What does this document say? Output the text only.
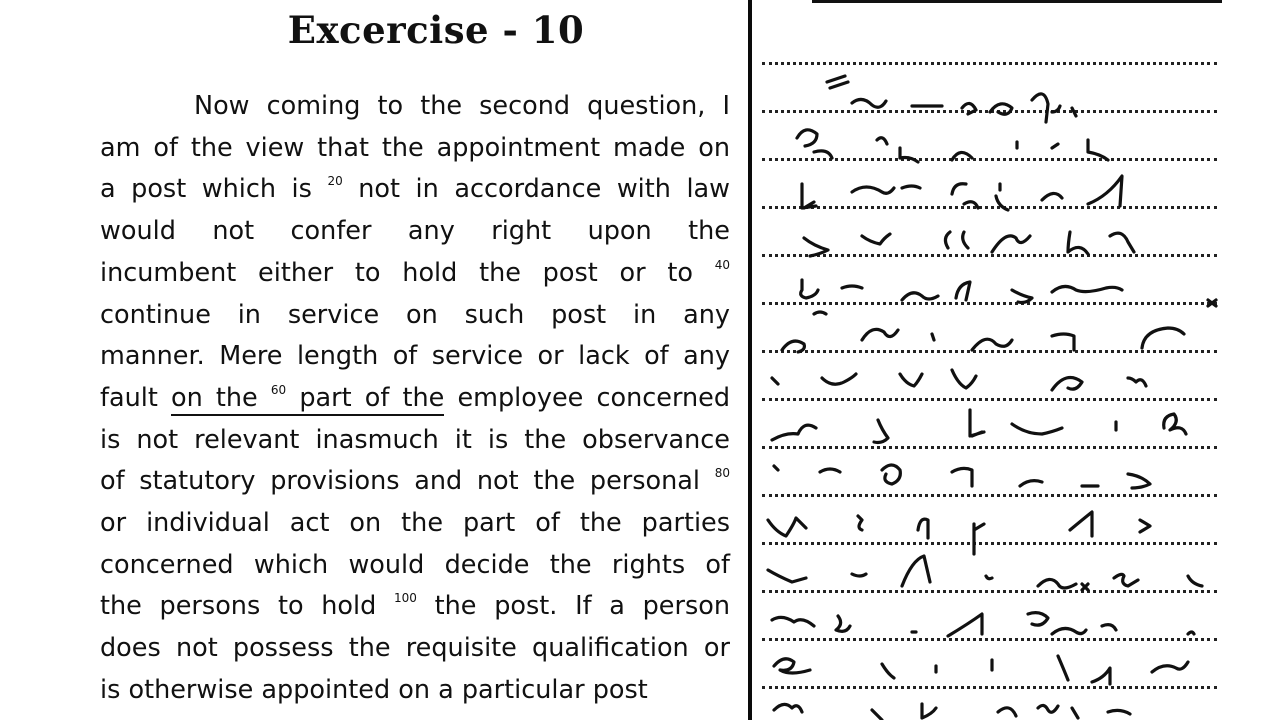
Excercise - 10
Now coming to the second question, I
am of the view that the appointment made on
a post which is $^{20}$ not in accordance with law
would not confer any right upon the
incumbent either to hold the post or to $^{40}$
continue in service on such post in any
manner. Mere length of service or lack of any
fault on the $^{60}$ part of the employee concerned
is not relevant inasmuch it is the observance
of statutory provisions and not the personal $^{80}$
or individual act on the part of the parties
concerned which would decide the rights of
the persons to hold $^{100}$ the post. If a person
does not possess the requisite qualification or
is otherwise appointed on a particular post
